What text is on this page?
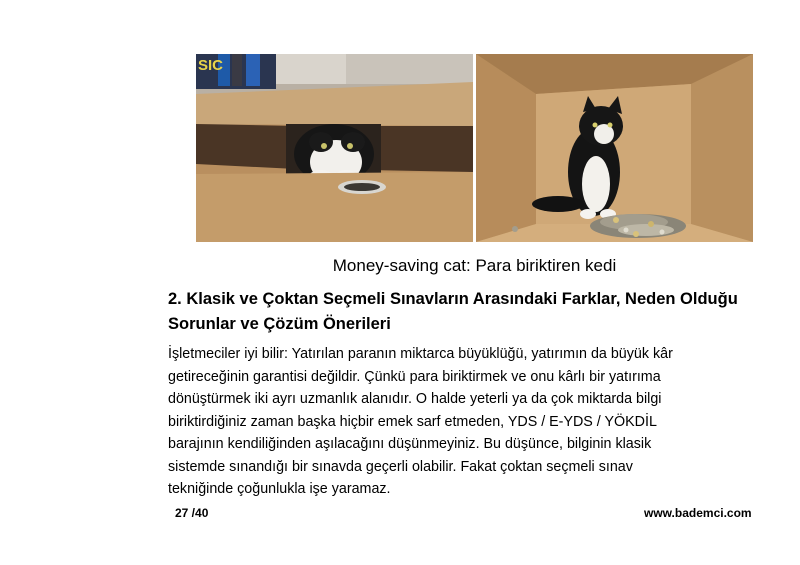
SIC
Money-saving cat: Para biriktiren kedi
2. Klasik ve Çoktan Seçmeli Sınavların Arasındaki Farklar, Neden Olduğu
Sorunlar ve Çözüm Önerileri

İşletmeciler iyi bilir: Yatırılan paranın miktarca büyüklüğü, yatırımın da büyük kâr
getireceğinin garantisi değildir. Çünkü para biriktirmek ve onu kârlı bir yatırıma
dönüştürmek iki ayrı uzmanlık alanıdır. O halde yeterli ya da çok miktarda bilgi
biriktirdiğiniz zaman başka hiçbir emek sarf etmeden, YDS / E-YDS / YÖKDİL
barajının kendiliğinden aşılacağını düşünmeyiniz. Bu düşünce, bilginin klasik
sistemde sınandığı bir sınavda geçerli olabilir. Fakat çoktan seçmeli sınav
tekniğinde çoğunlukla işe yaramaz.

27 /40	www.bademci.com
